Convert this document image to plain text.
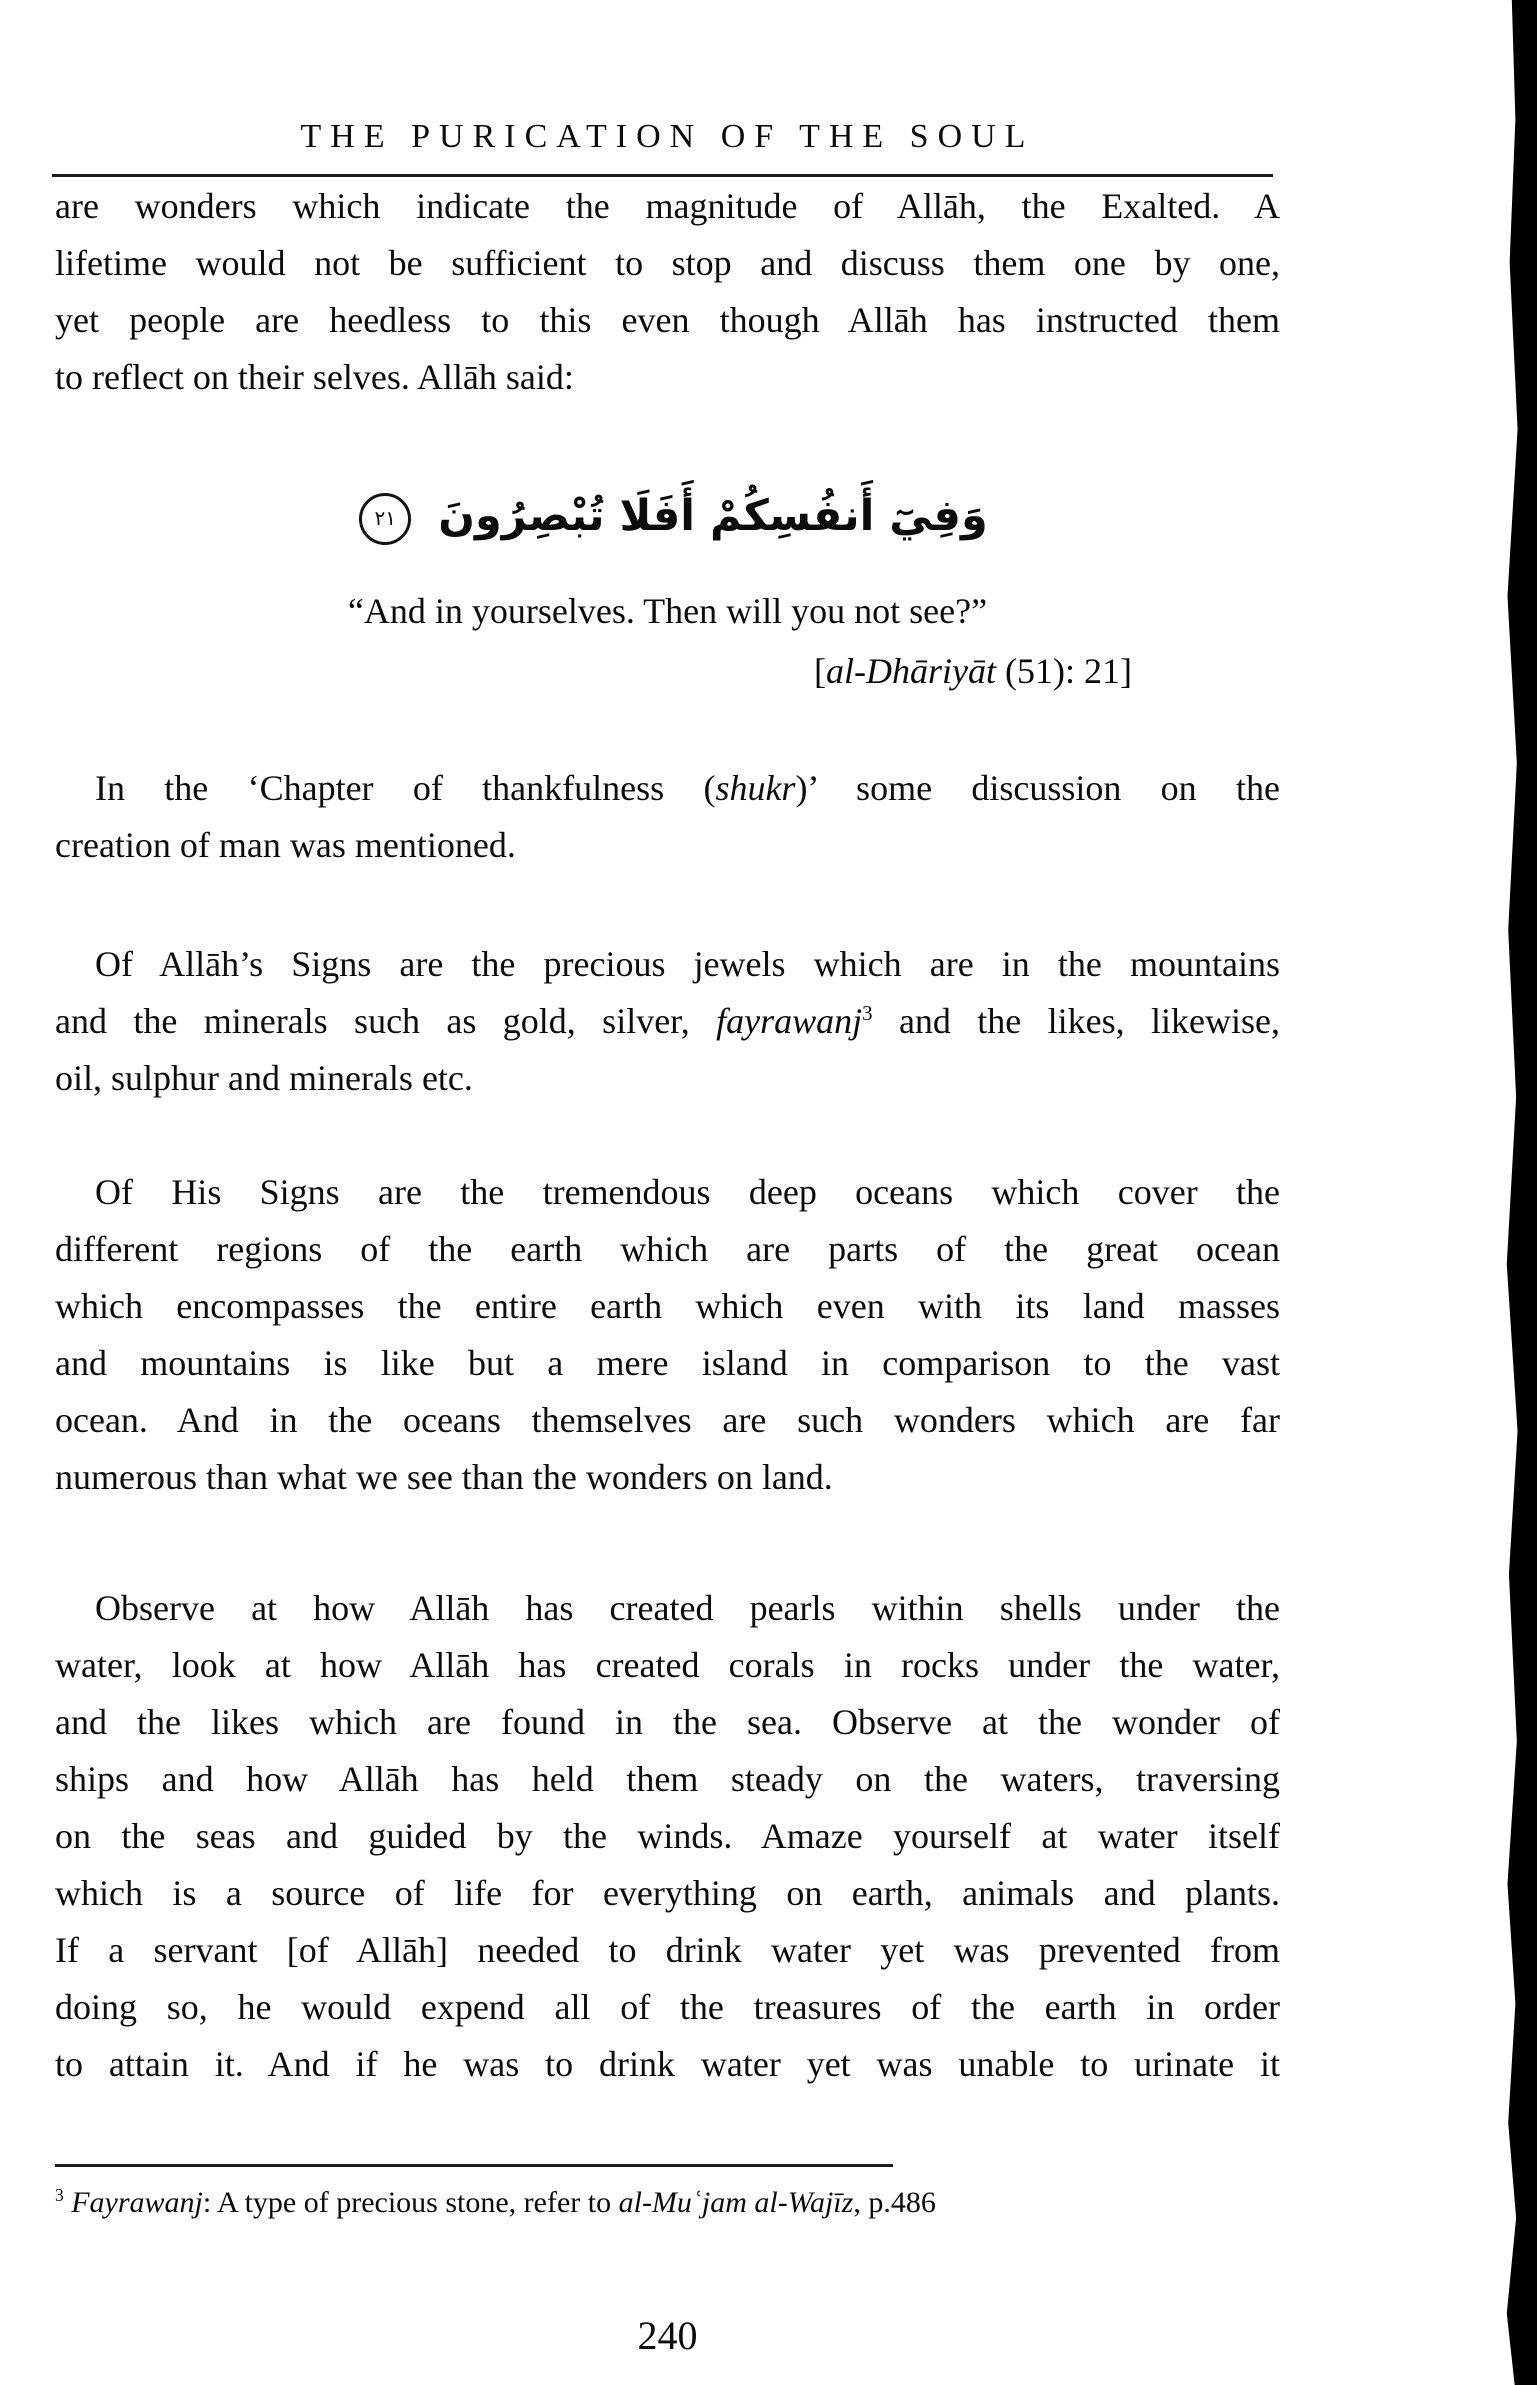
THE PURICATION OF THE SOUL
are wonders which indicate the magnitude of Allāh, the Exalted. A
lifetime would not be sufficient to stop and discuss them one by one,
yet people are heedless to this even though Allāh has instructed them
to reflect on their selves. Allāh said:
وَفِيٓ أَنفُسِكُمْ أَفَلَا تُبْصِرُونَ ٢١
“And in yourselves. Then will you not see?”
[al-Dhāriyāt (51): 21]
In the ‘Chapter of thankfulness (shukr)’ some discussion on the
creation of man was mentioned.
Of Allāh’s Signs are the precious jewels which are in the mountains
and the minerals such as gold, silver, fayrawanj$^3$ and the likes, likewise,
oil, sulphur and minerals etc.
Of His Signs are the tremendous deep oceans which cover the
different regions of the earth which are parts of the great ocean
which encompasses the entire earth which even with its land masses
and mountains is like but a mere island in comparison to the vast
ocean. And in the oceans themselves are such wonders which are far
numerous than what we see than the wonders on land.
Observe at how Allāh has created pearls within shells under the
water, look at how Allāh has created corals in rocks under the water,
and the likes which are found in the sea. Observe at the wonder of
ships and how Allāh has held them steady on the waters, traversing
on the seas and guided by the winds. Amaze yourself at water itself
which is a source of life for everything on earth, animals and plants.
If a servant [of Allāh] needed to drink water yet was prevented from
doing so, he would expend all of the treasures of the earth in order
to attain it. And if he was to drink water yet was unable to urinate it
$^3$ Fayrawanj: A type of precious stone, refer to al-Muʿjam al-Wajīz, p.486
240
